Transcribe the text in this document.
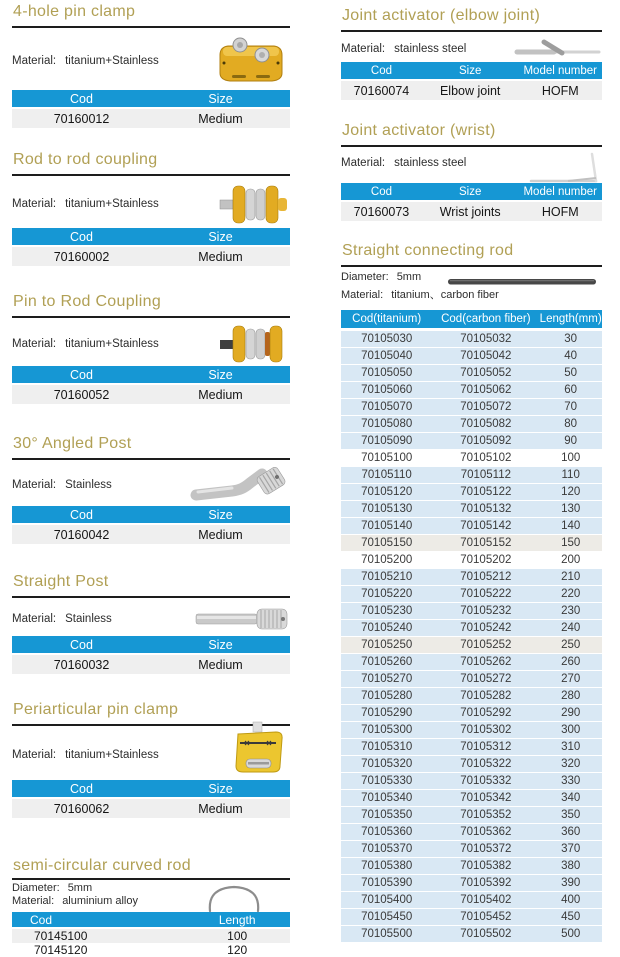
4-hole pin clamp
Material: titanium+Stainless
Cod	Size
70160012	Medium
Rod to rod coupling
Material: titanium+Stainless
Cod	Size
70160002	Medium
Pin to Rod Coupling
Material: titanium+Stainless
Cod	Size
70160052	Medium
30° Angled Post
Material: Stainless
Cod	Size
70160042	Medium
Straight Post
Material: Stainless
Cod	Size
70160032	Medium
Periarticular pin clamp
Material: titanium+Stainless
Cod	Size
70160062	Medium
semi-circular curved rod
Diameter: 5mm
Material: aluminium alloy
Cod	Length
70145100	100
70145120	120
Joint activator (elbow joint)
Material: stainless steel
Cod	Size	Model number
70160074	Elbow joint	HOFM
Joint activator (wrist)
Material: stainless steel
Cod	Size	Model number
70160073	Wrist joints	HOFM
Straight connecting rod
Diameter: 5mm
Material: titanium、carbon fiber
Cod(titanium)	Cod(carbon fiber)	Length(mm)
70105030	70105032	30
70105040	70105042	40
70105050	70105052	50
70105060	70105062	60
70105070	70105072	70
70105080	70105082	80
70105090	70105092	90
70105100	70105102	100
70105110	70105112	110
70105120	70105122	120
70105130	70105132	130
70105140	70105142	140
70105150	70105152	150
70105200	70105202	200
70105210	70105212	210
70105220	70105222	220
70105230	70105232	230
70105240	70105242	240
70105250	70105252	250
70105260	70105262	260
70105270	70105272	270
70105280	70105282	280
70105290	70105292	290
70105300	70105302	300
70105310	70105312	310
70105320	70105322	320
70105330	70105332	330
70105340	70105342	340
70105350	70105352	350
70105360	70105362	360
70105370	70105372	370
70105380	70105382	380
70105390	70105392	390
70105400	70105402	400
70105450	70105452	450
70105500	70105502	500
